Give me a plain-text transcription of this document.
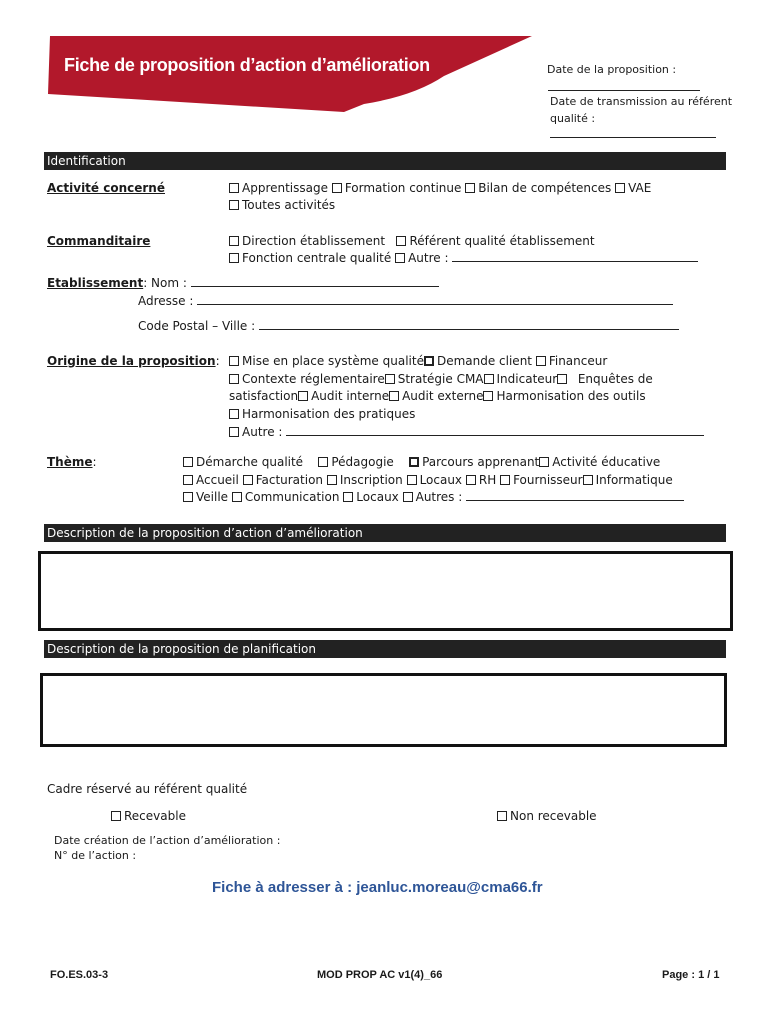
Fiche de proposition d’action d’amélioration	Date de la proposition :
Date de transmission au référent
qualité :
Identification
Activité concerné	Apprentissage Formation continue Bilan de compétences VAE
Toutes activités
Commanditaire	Direction établissement Référent qualité établissement
Fonction centrale qualité Autre :
Etablissement: Nom :
Adresse :
Code Postal – Ville :
Origine de la proposition:	Mise en place système qualité Demande client Financeur
Contexte réglementaire Stratégie CMA Indicateur Enquêtes de
satisfaction Audit interne Audit externe Harmonisation des outils
Harmonisation des pratiques
Autre :
Thème:	Démarche qualité Pédagogie Parcours apprenant Activité éducative
Accueil Facturation Inscription Locaux RH Fournisseur Informatique
Veille Communication Locaux Autres :
Description de la proposition d’action d’amélioration
Description de la proposition de planification
Cadre réservé au référent qualité
Recevable	Non recevable
Date création de l’action d’amélioration :
N° de l’action :
Fiche à adresser à : jeanluc.moreau@cma66.fr
FO.ES.03-3	MOD PROP AC v1(4)_66	Page : 1 / 1
